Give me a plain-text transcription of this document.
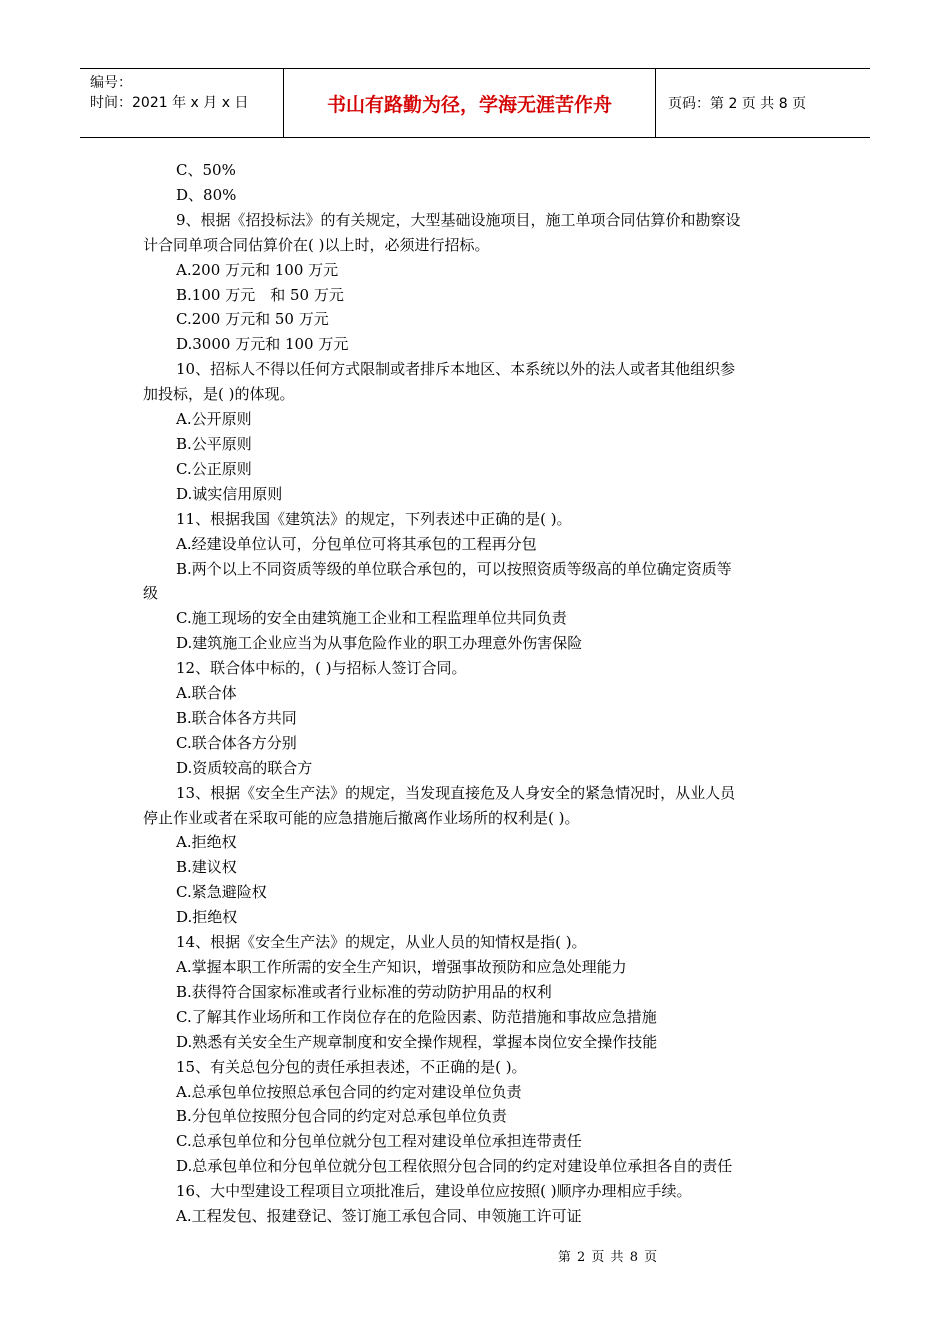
编号：
时间：2021 年 x 月 x 日	书山有路勤为径，学海无涯苦作舟	页码：第 2 页 共 8 页
C、50%
D、80%
9、根据《招投标法》的有关规定，大型基础设施项目，施工单项合同估算价和勘察设
计合同单项合同估算价在( )以上时，必须进行招标。
A.200 万元和 100 万元
B.100 万元　和 50 万元
C.200 万元和 50 万元
D.3000 万元和 100 万元
10、招标人不得以任何方式限制或者排斥本地区、本系统以外的法人或者其他组织参
加投标，是( )的体现。
A.公开原则
B.公平原则
C.公正原则
D.诚实信用原则
11、根据我国《建筑法》的规定，下列表述中正确的是( )。
A.经建设单位认可，分包单位可将其承包的工程再分包
B.两个以上不同资质等级的单位联合承包的，可以按照资质等级高的单位确定资质等
级
C.施工现场的安全由建筑施工企业和工程监理单位共同负责
D.建筑施工企业应当为从事危险作业的职工办理意外伤害保险
12、联合体中标的，( )与招标人签订合同。
A.联合体
B.联合体各方共同
C.联合体各方分别
D.资质较高的联合方
13、根据《安全生产法》的规定，当发现直接危及人身安全的紧急情况时，从业人员
停止作业或者在采取可能的应急措施后撤离作业场所的权利是( )。
A.拒绝权
B.建议权
C.紧急避险权
D.拒绝权
14、根据《安全生产法》的规定，从业人员的知情权是指( )。
A.掌握本职工作所需的安全生产知识，增强事故预防和应急处理能力
B.获得符合国家标准或者行业标准的劳动防护用品的权利
C.了解其作业场所和工作岗位存在的危险因素、防范措施和事故应急措施
D.熟悉有关安全生产规章制度和安全操作规程，掌握本岗位安全操作技能
15、有关总包分包的责任承担表述，不正确的是( )。
A.总承包单位按照总承包合同的约定对建设单位负责
B.分包单位按照分包合同的约定对总承包单位负责
C.总承包单位和分包单位就分包工程对建设单位承担连带责任
D.总承包单位和分包单位就分包工程依照分包合同的约定对建设单位承担各自的责任
16、大中型建设工程项目立项批准后，建设单位应按照( )顺序办理相应手续。
A.工程发包、报建登记、签订施工承包合同、申领施工许可证
第 2 页 共 8 页
